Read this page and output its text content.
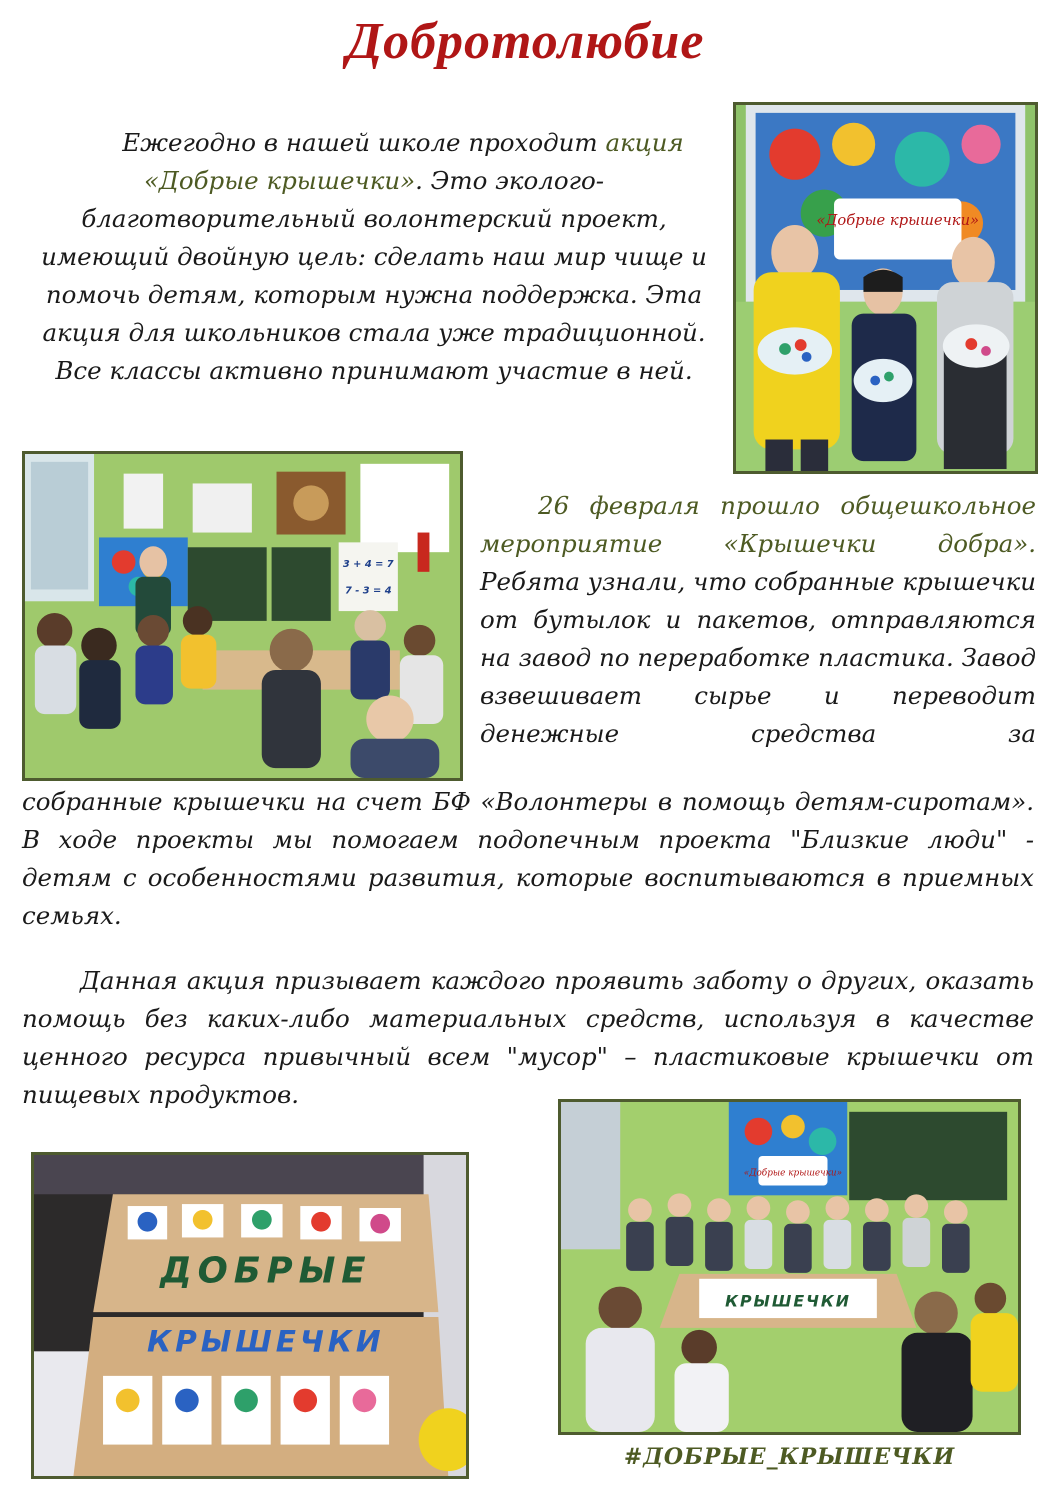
Добротолюбие
«Добрые крышечки»
Ежегодно в нашей школе проходит акция «Добрые крышечки». Это эколого-благотворительный волонтерский проект, имеющий двойную цель: сделать наш мир чище и помочь детям, которым нужна поддержка. Эта акция для школьников стала уже традиционной. Все классы активно принимают участие в ней.
3 + 4 = 7
7 - 3 = 4
26 февраля прошло общешкольное мероприятие «Крышечки добра». Ребята узнали, что собранные крышечки от бутылок и пакетов, отправляются на завод по переработке пластика. Завод взвешивает сырье и переводит денежные средства за
собранные крышечки на счет БФ «Волонтеры в помощь детям-сиротам». В ходе проекты мы помогаем подопечным проекта "Близкие люди" - детям с особенностями развития, которые воспитываются в приемных семьях.
Данная акция призывает каждого проявить заботу о других, оказать помощь без каких-либо материальных средств, используя в качестве ценного ресурса привычный всем "мусор" – пластиковые крышечки от пищевых продуктов.
ДОБРЫЕ
КРЫШЕЧКИ
«Добрые крышечки»
КРЫШЕЧКИ
#ДОБРЫЕ_КРЫШЕЧКИ
